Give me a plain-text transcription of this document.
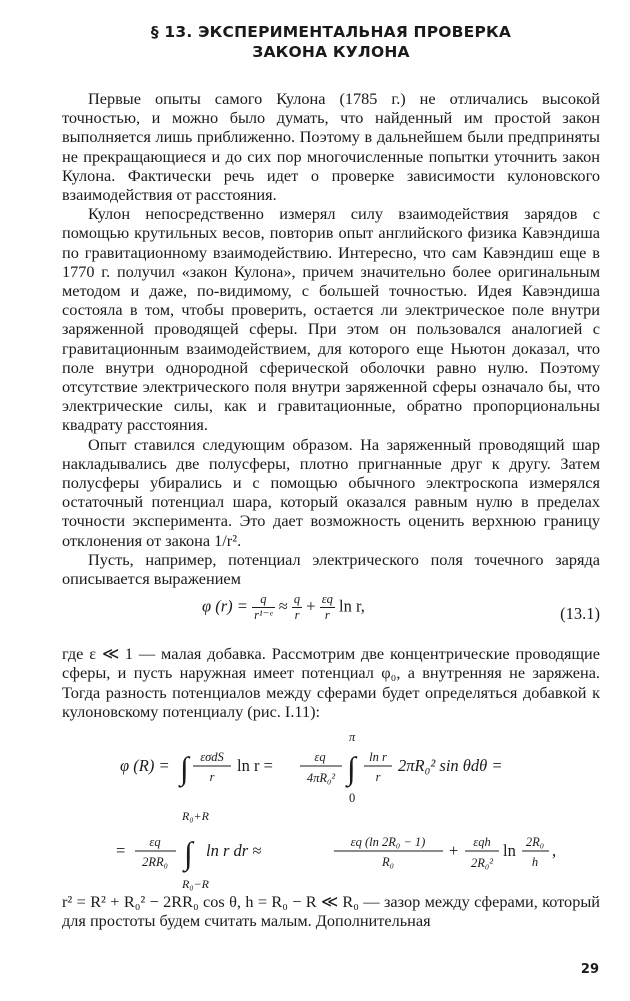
§ 13. ЭКСПЕРИМЕНТАЛЬНАЯ ПРОВЕРКА
ЗАКОНА КУЛОНА

Первые опыты самого Кулона (1785 г.) не отличались высокой точностью, и можно было думать, что найденный им простой закон выполняется лишь приближенно. Поэтому в дальнейшем были предприняты не прекращающиеся и до сих пор многочисленные попытки уточнить закон Кулона. Фактически речь идет о проверке зависимости кулоновского взаимодействия от расстояния.

Кулон непосредственно измерял силу взаимодействия зарядов с помощью крутильных весов, повторив опыт английского физика Кавэндиша по гравитационному взаимодействию. Интересно, что сам Кавэндиш еще в 1770 г. получил «закон Кулона», причем значительно более оригинальным методом и даже, по-видимому, с большей точностью. Идея Кавэндиша состояла в том, чтобы проверить, остается ли электрическое поле внутри заряженной проводящей сферы. При этом он пользовался аналогией с гравитационным взаимодействием, для которого еще Ньютон доказал, что поле внутри однородной сферической оболочки равно нулю. Поэтому отсутствие электрического поля внутри заряженной сферы означало бы, что электрические силы, как и гравитационные, обратно пропорциональны квадрату расстояния.

Опыт ставился следующим образом. На заряженный проводящий шар накладывались две полусферы, плотно пригнанные друг к другу. Затем полусферы убирались и с помощью обычного электроскопа измерялся остаточный потенциал шара, который оказался равным нулю в пределах точности эксперимента. Это дает возможность оценить верхнюю границу отклонения от закона 1/r².

Пусть, например, потенциал электрического поля точечного заряда описывается выражением

φ $(r) = \frac{q}{\text{r¹⁻ᵉ}} \approx \frac{q}{r} + \frac{\varepsilon q}{r}$ ln r,	(13.1)

где ε ≪ 1 — малая добавка. Рассмотрим две концентрические проводящие сферы, и пусть наружная имеет потенциал φ₀, а внутренняя не заряжена. Тогда разность потенциалов между сферами будет определяться добавкой к кулоновскому потенциалу (рис. I.11):

φ (R) = ∫ εσdS
r
ln r =	εq
4πR₀²
π
∫
0
ln r
r
2πR₀² sin θdθ =
= εq
2RR₀
R₀+R
∫
R₀−R
ln r dr ≈	εq (ln 2R₀ − 1)
R₀
+ εqh
2R₀²
ln 2R₀
h
,

r² = R² + R₀² − 2RR₀ cos θ, h = R₀ − R ≪ R₀ — зазор между сферами, который для простоты будем считать малым. Дополнительная

29
